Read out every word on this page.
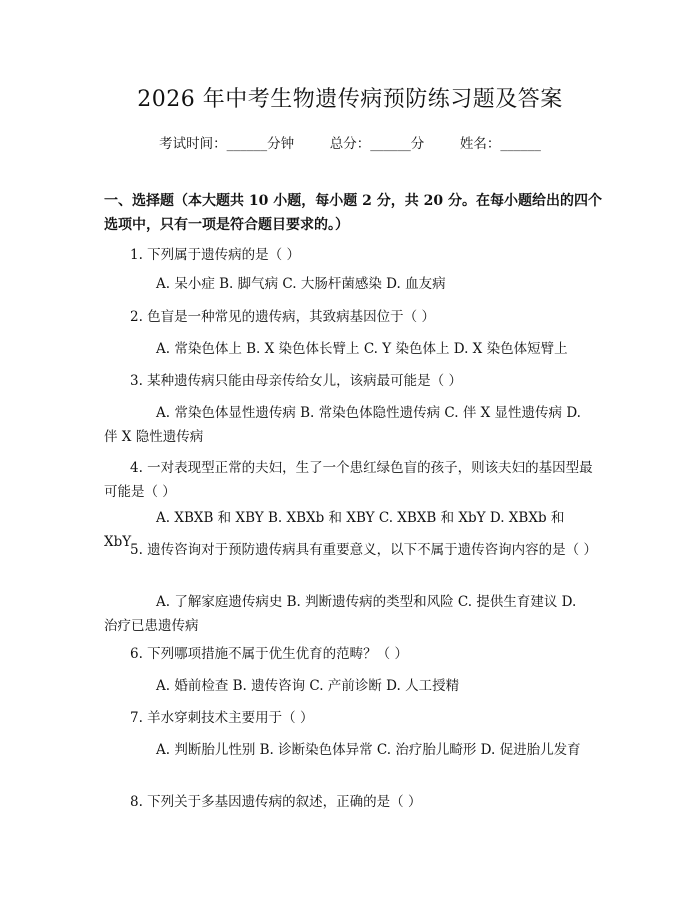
2026 年中考生物遗传病预防练习题及答案
考试时间：______分钟   	总分：______分   	姓名：______
一、选择题（本大题共 10 小题，每小题 2 分，共 20 分。在每小题给出的四个选项中，只有一项是符合题目要求的。）
1. 下列属于遗传病的是（ ）
A. 呆小症 B. 脚气病 C. 大肠杆菌感染 D. 血友病
2. 色盲是一种常见的遗传病，其致病基因位于（ ）
A. 常染色体上 B. X 染色体长臂上 C. Y 染色体上 D. X 染色体短臂上
3. 某种遗传病只能由母亲传给女儿，该病最可能是（ ）
A. 常染色体显性遗传病 B. 常染色体隐性遗传病 C. 伴 X 显性遗传病 D. 伴 X 隐性遗传病
4. 一对表现型正常的夫妇，生了一个患红绿色盲的孩子，则该夫妇的基因型最可能是（ ）
A. XBXB 和 XBY B. XBXb 和 XBY C. XBXB 和 XbY D. XBXb 和 XbY
5. 遗传咨询对于预防遗传病具有重要意义，以下不属于遗传咨询内容的是（ ）
A. 了解家庭遗传病史 B. 判断遗传病的类型和风险 C. 提供生育建议 D. 治疗已患遗传病
6. 下列哪项措施不属于优生优育的范畴？（ ）
A. 婚前检查 B. 遗传咨询 C. 产前诊断 D. 人工授精
7. 羊水穿刺技术主要用于（ ）
A. 判断胎儿性别 B. 诊断染色体异常 C. 治疗胎儿畸形 D. 促进胎儿发育
8. 下列关于多基因遗传病的叙述，正确的是（ ）
